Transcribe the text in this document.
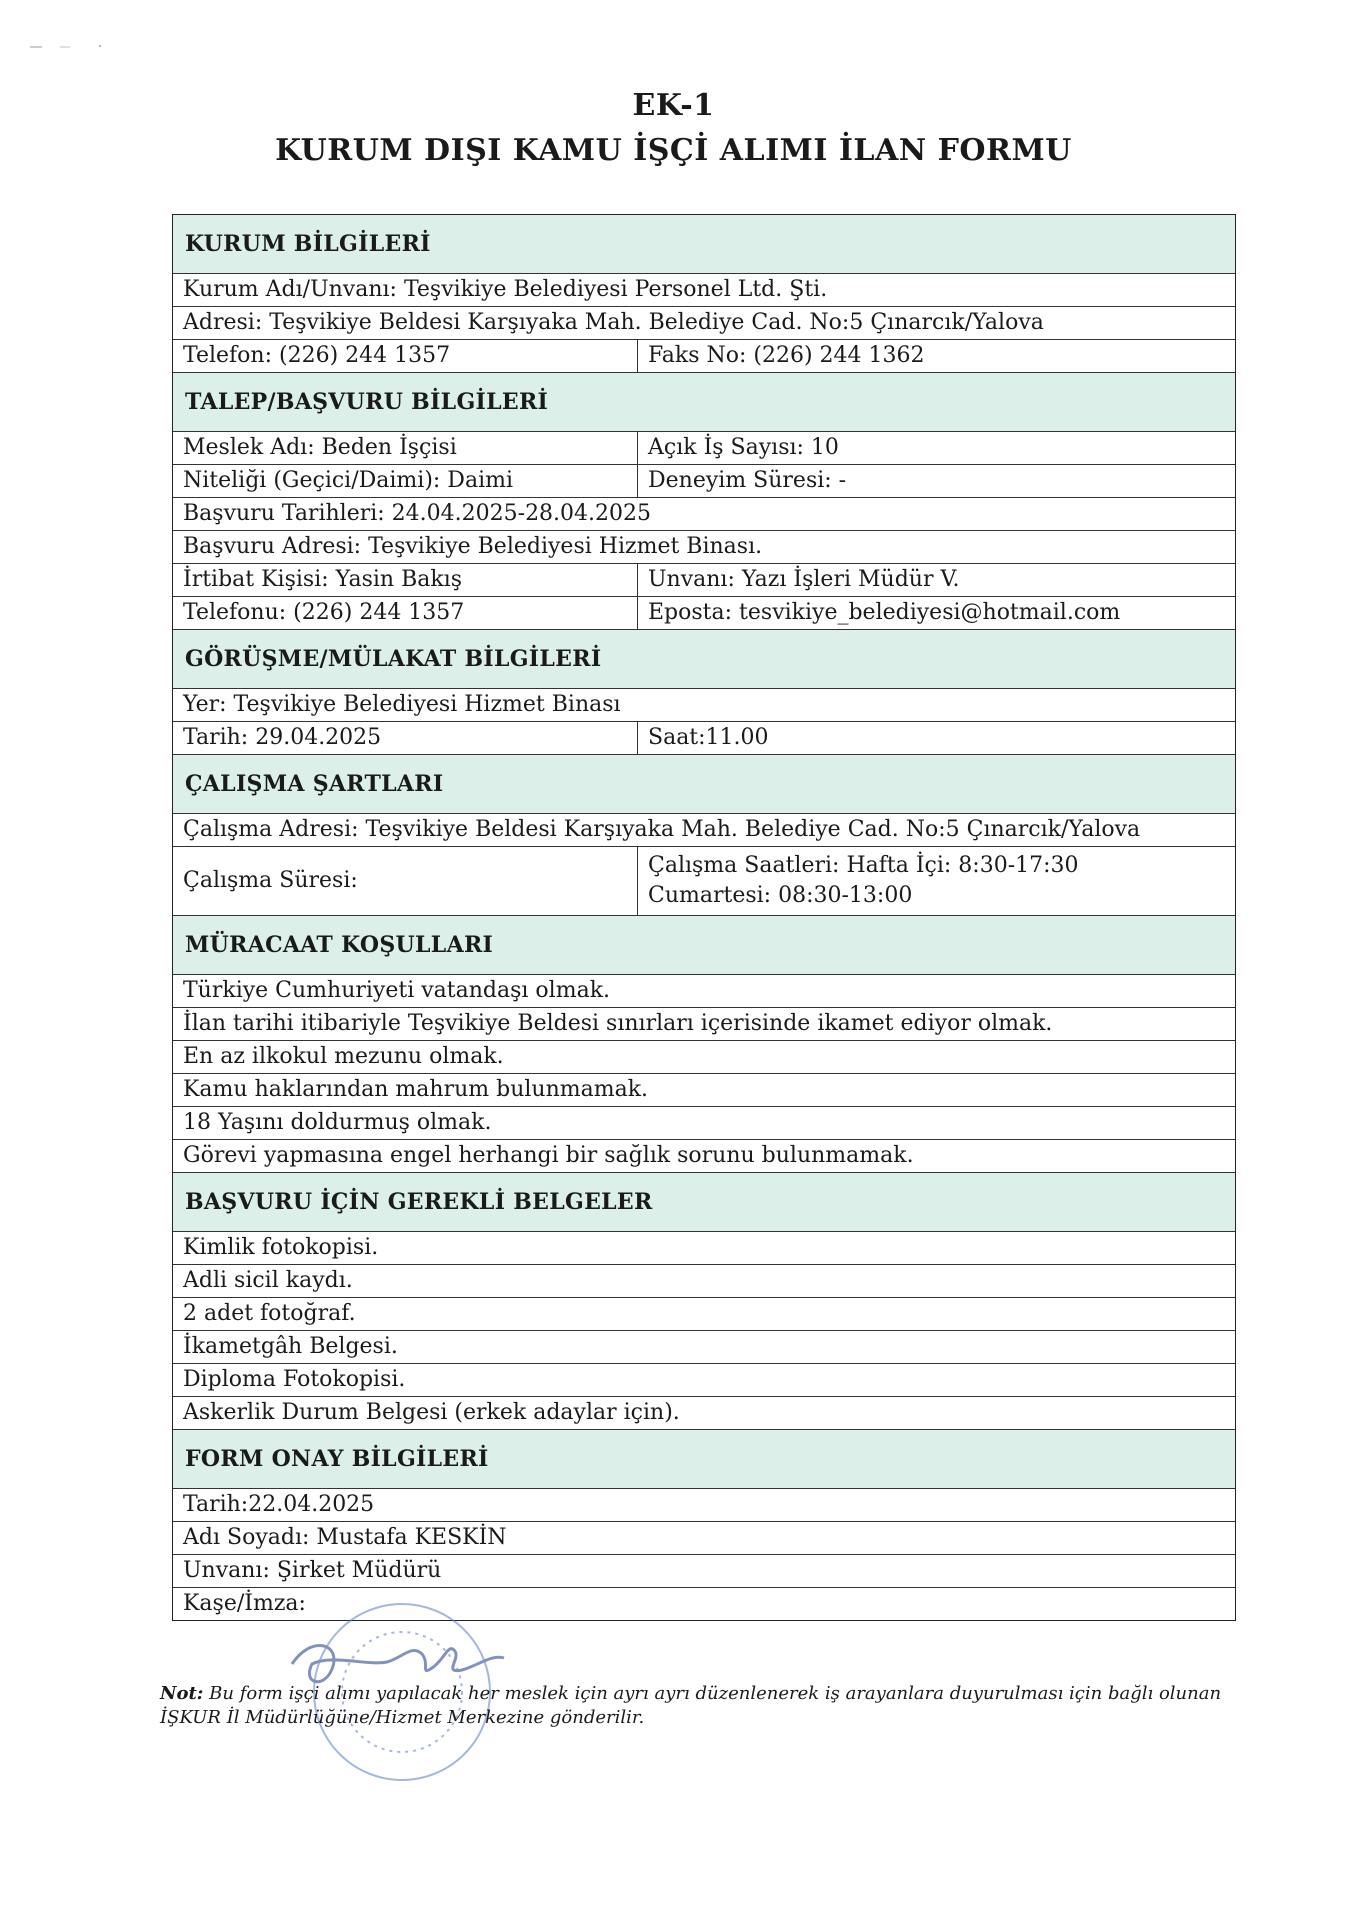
EK-1
KURUM DIŞI KAMU İŞÇİ ALIMI İLAN FORMU
KURUM BİLGİLERİ
Kurum Adı/Unvanı: Teşvikiye Belediyesi Personel Ltd. Şti.
Adresi: Teşvikiye Beldesi Karşıyaka Mah. Belediye Cad. No:5 Çınarcık/Yalova
Telefon: (226) 244 1357	Faks No: (226) 244 1362
TALEP/BAŞVURU BİLGİLERİ
Meslek Adı: Beden İşçisi	Açık İş Sayısı: 10
Niteliği (Geçici/Daimi): Daimi	Deneyim Süresi: -
Başvuru Tarihleri: 24.04.2025-28.04.2025
Başvuru Adresi: Teşvikiye Belediyesi Hizmet Binası.
İrtibat Kişisi: Yasin Bakış	Unvanı: Yazı İşleri Müdür V.
Telefonu: (226) 244 1357	Eposta: tesvikiye_belediyesi@hotmail.com
GÖRÜŞME/MÜLAKAT BİLGİLERİ
Yer: Teşvikiye Belediyesi Hizmet Binası
Tarih: 29.04.2025	Saat:11.00
ÇALIŞMA ŞARTLARI
Çalışma Adresi: Teşvikiye Beldesi Karşıyaka Mah. Belediye Cad. No:5 Çınarcık/Yalova
Çalışma Süresi:
Çalışma Saatleri: Hafta İçi: 8:30-17:30
Cumartesi: 08:30-13:00
MÜRACAAT KOŞULLARI
Türkiye Cumhuriyeti vatandaşı olmak.
İlan tarihi itibariyle Teşvikiye Beldesi sınırları içerisinde ikamet ediyor olmak.
En az ilkokul mezunu olmak.
Kamu haklarından mahrum bulunmamak.
18 Yaşını doldurmuş olmak.
Görevi yapmasına engel herhangi bir sağlık sorunu bulunmamak.
BAŞVURU İÇİN GEREKLİ BELGELER
Kimlik fotokopisi.
Adli sicil kaydı.
2 adet fotoğraf.
İkametgâh Belgesi.
Diploma Fotokopisi.
Askerlik Durum Belgesi (erkek adaylar için).
FORM ONAY BİLGİLERİ
Tarih:22.04.2025
Adı Soyadı: Mustafa KESKİN
Unvanı: Şirket Müdürü
Kaşe/İmza:
Not: Bu form işçi alımı yapılacak her meslek için ayrı ayrı düzenlenerek iş arayanlara duyurulması için bağlı olunan İŞKUR İl Müdürlüğüne/Hizmet Merkezine gönderilir.
